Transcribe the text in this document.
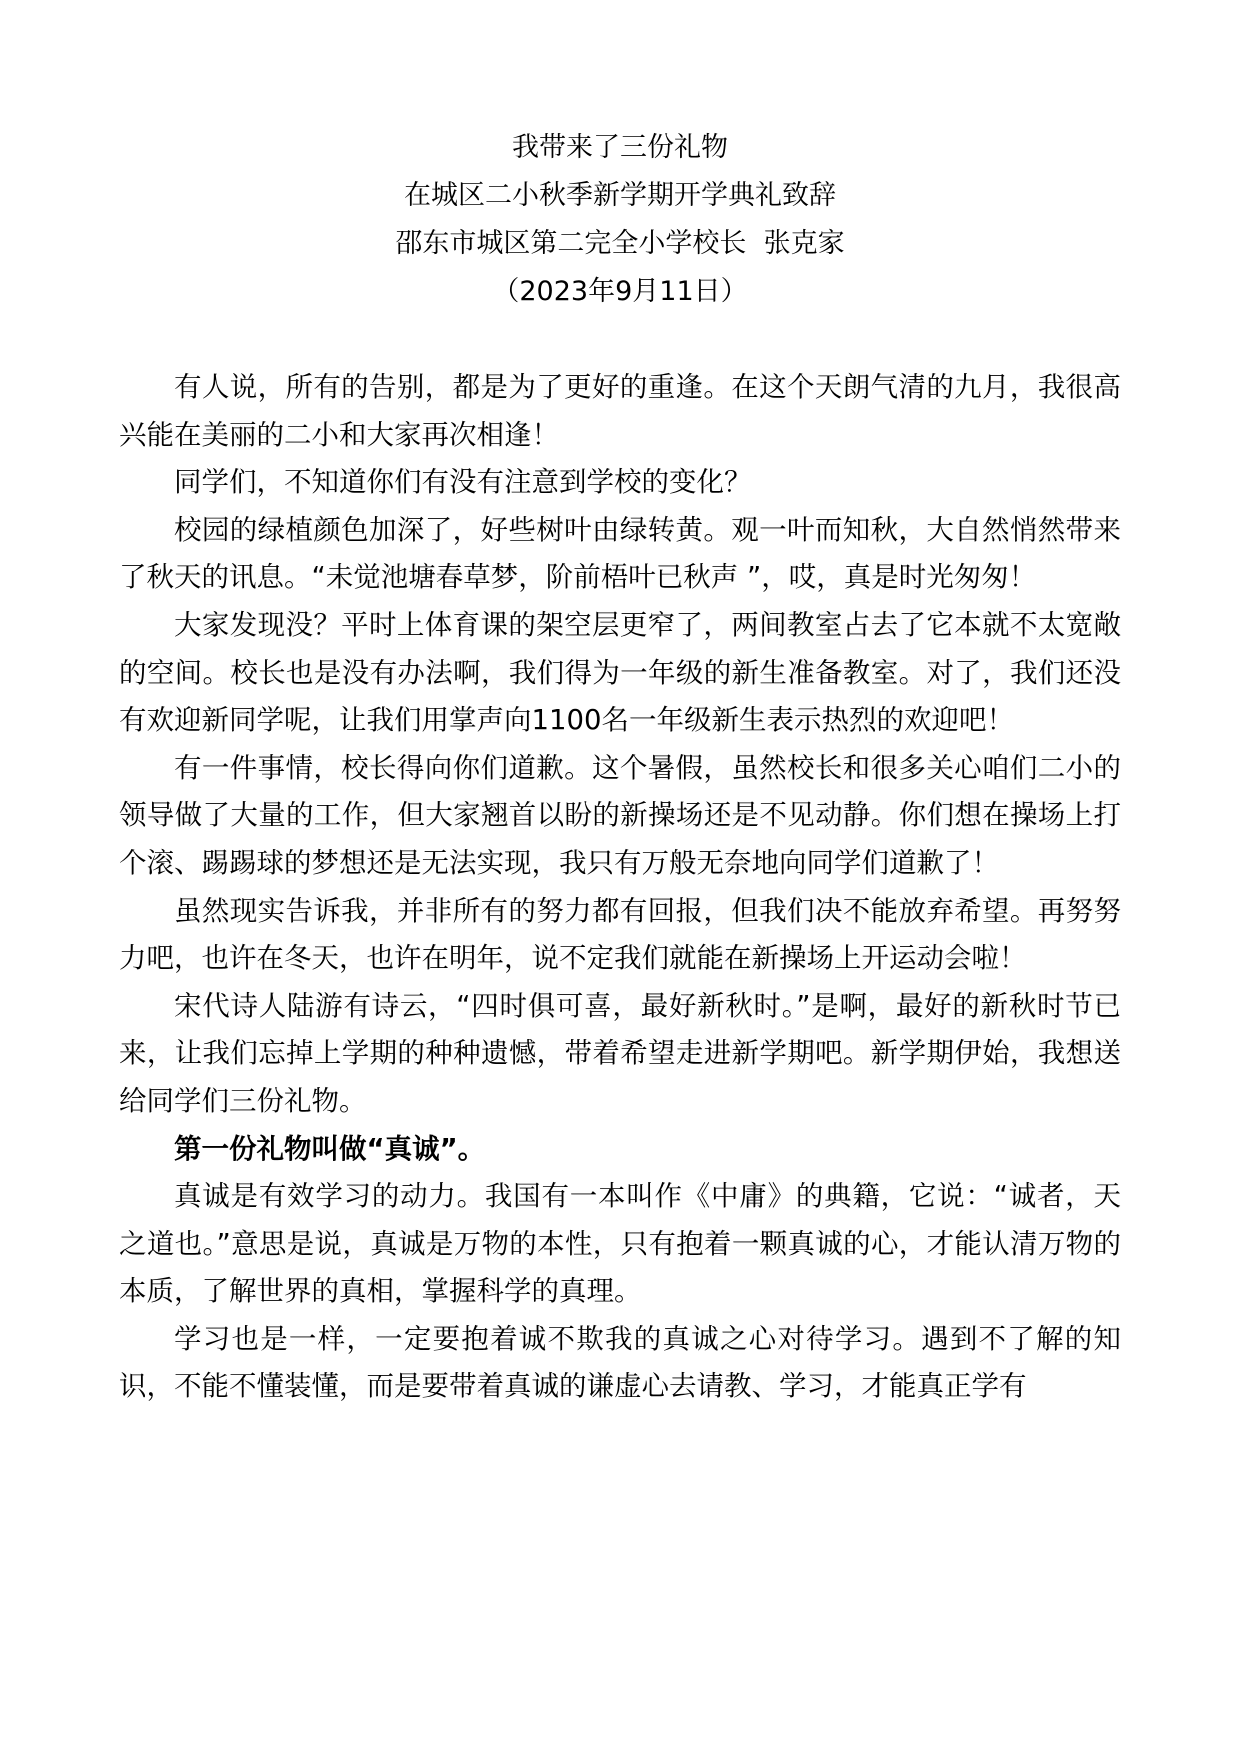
我带来了三份礼物
在城区二小秋季新学期开学典礼致辞
邵东市城区第二完全小学校长  张克家
（2023年9月11日）

有人说，所有的告别，都是为了更好的重逢。在这个天朗气清的九月，我很高兴能在美丽的二小和大家再次相逢！

同学们，不知道你们有没有注意到学校的变化？

校园的绿植颜色加深了，好些树叶由绿转黄。观一叶而知秋，大自然悄然带来了秋天的讯息。“未觉池塘春草梦，阶前梧叶已秋声 ”，哎，真是时光匆匆！

大家发现没？平时上体育课的架空层更窄了，两间教室占去了它本就不太宽敞的空间。校长也是没有办法啊，我们得为一年级的新生准备教室。对了，我们还没有欢迎新同学呢，让我们用掌声向1100名一年级新生表示热烈的欢迎吧！

有一件事情，校长得向你们道歉。这个暑假，虽然校长和很多关心咱们二小的领导做了大量的工作，但大家翘首以盼的新操场还是不见动静。你们想在操场上打个滚、踢踢球的梦想还是无法实现，我只有万般无奈地向同学们道歉了！

虽然现实告诉我，并非所有的努力都有回报，但我们决不能放弃希望。再努努力吧，也许在冬天，也许在明年，说不定我们就能在新操场上开运动会啦！

宋代诗人陆游有诗云，“四时俱可喜，最好新秋时。”是啊，最好的新秋时节已来，让我们忘掉上学期的种种遗憾，带着希望走进新学期吧。新学期伊始，我想送给同学们三份礼物。

第一份礼物叫做“真诚”。

真诚是有效学习的动力。我国有一本叫作《中庸》的典籍，它说：“诚者，天之道也。”意思是说，真诚是万物的本性，只有抱着一颗真诚的心，才能认清万物的本质，了解世界的真相，掌握科学的真理。

学习也是一样，一定要抱着诚不欺我的真诚之心对待学习。遇到不了解的知识，不能不懂装懂，而是要带着真诚的谦虚心去请教、学习，才能真正学有
